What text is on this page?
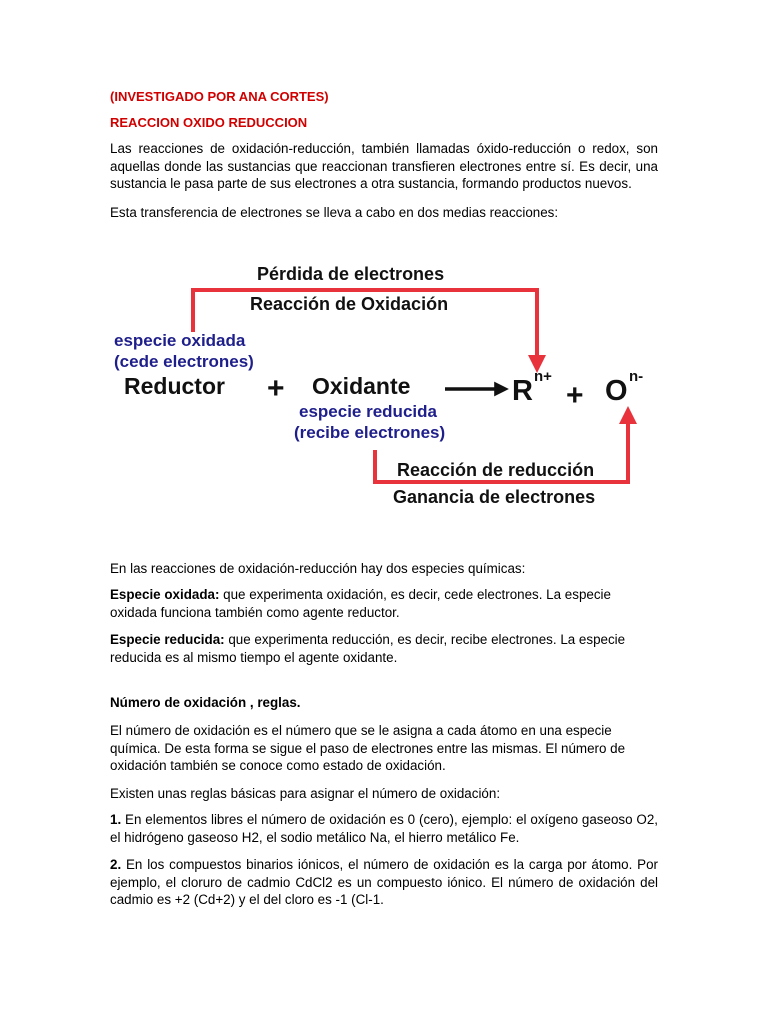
(INVESTIGADO POR ANA CORTES)
REACCION OXIDO REDUCCION
Las reacciones de oxidación-reducción, también llamadas óxido-reducción o redox, son aquellas donde las sustancias que reaccionan transfieren electrones entre sí. Es decir, una sustancia le pasa parte de sus electrones a otra sustancia, formando productos nuevos.
Esta transferencia de electrones se lleva a cabo en dos medias reacciones:
Pérdida de electrones
Reacción de Oxidación
especie oxidada
(cede electrones)
Reductor + Oxidante
especie reducida
(recibe electrones)
R n+
+ O n-
Reacción de reducción
Ganancia de electrones
En las reacciones de oxidación-reducción hay dos especies químicas:
Especie oxidada: que experimenta oxidación, es decir, cede electrones. La especie oxidada funciona también como agente reductor.
Especie reducida: que experimenta reducción, es decir, recibe electrones. La especie reducida es al mismo tiempo el agente oxidante.
Número de oxidación , reglas.
El número de oxidación es el número que se le asigna a cada átomo en una especie química. De esta forma se sigue el paso de electrones entre las mismas. El número de oxidación también se conoce como estado de oxidación.
Existen unas reglas básicas para asignar el número de oxidación:
1. En elementos libres el número de oxidación es 0 (cero), ejemplo: el oxígeno gaseoso O2, el hidrógeno gaseoso H2, el sodio metálico Na, el hierro metálico Fe.
2. En los compuestos binarios iónicos, el número de oxidación es la carga por átomo. Por ejemplo, el cloruro de cadmio CdCl2 es un compuesto iónico. El número de oxidación del cadmio es +2 (Cd+2) y el del cloro es -1 (Cl-1.
